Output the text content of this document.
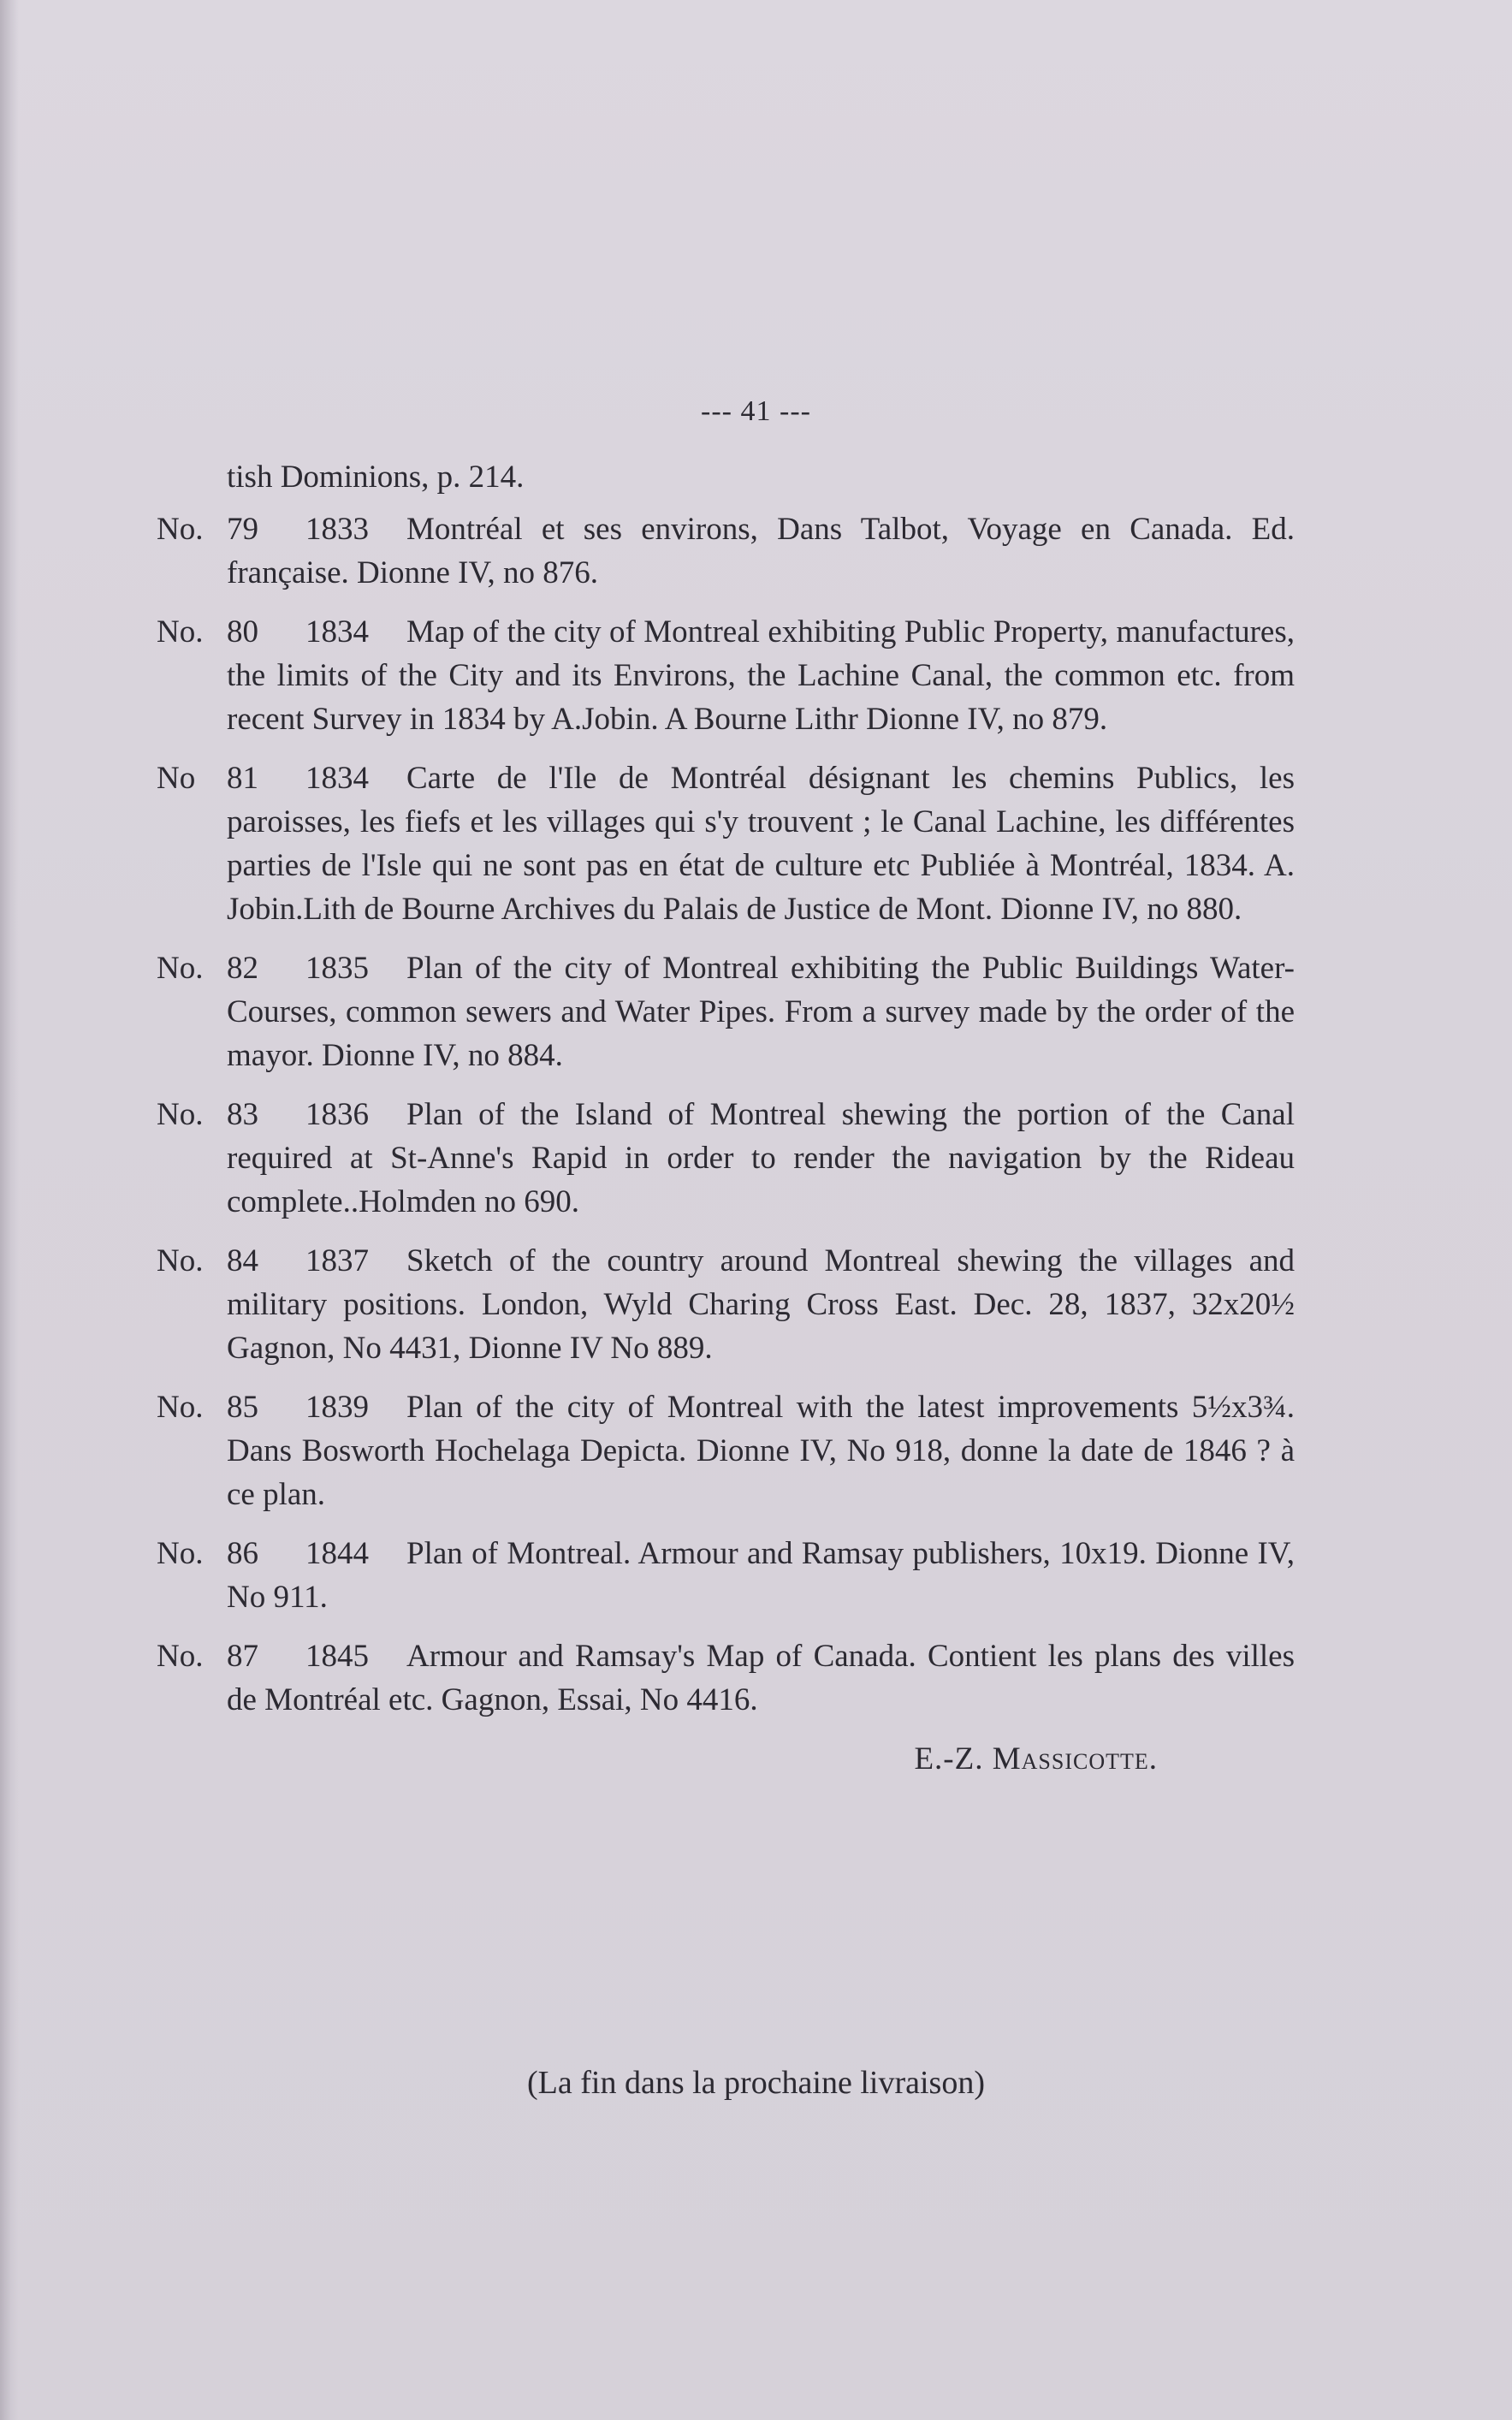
--- 41 ---
tish Dominions, p. 214.
No. 79 1833 Montréal et ses environs, Dans Talbot, Voyage en Canada. Ed. française. Dionne IV, no 876.
No. 80 1834 Map of the city of Montreal exhibiting Public Property, manufactures, the limits of the City and its Environs, the Lachine Canal, the common etc. from recent Survey in 1834 by A.Jobin. A Bourne Lithr Dionne IV, no 879.
No 81 1834 Carte de l'Ile de Montréal désignant les chemins Publics, les paroisses, les fiefs et les villages qui s'y trouvent ; le Canal Lachine, les différentes parties de l'Isle qui ne sont pas en état de culture etc Publiée à Montréal, 1834. A. Jobin.Lith de Bourne Archives du Palais de Justice de Mont. Dionne IV, no 880.
No. 82 1835 Plan of the city of Montreal exhibiting the Public Buildings Water-Courses, common sewers and Water Pipes. From a survey made by the order of the mayor. Dionne IV, no 884.
No. 83 1836 Plan of the Island of Montreal shewing the portion of the Canal required at St-Anne's Rapid in order to render the navigation by the Rideau complete..Holmden no 690.
No. 84 1837 Sketch of the country around Montreal shewing the villages and military positions. London, Wyld Charing Cross East. Dec. 28, 1837, 32x20½ Gagnon, No 4431, Dionne IV No 889.
No. 85 1839 Plan of the city of Montreal with the latest improvements 5½x3¾. Dans Bosworth Hochelaga Depicta. Dionne IV, No 918, donne la date de 1846 ? à ce plan.
No. 86 1844 Plan of Montreal. Armour and Ramsay publishers, 10x19. Dionne IV, No 911.
No. 87 1845 Armour and Ramsay's Map of Canada. Contient les plans des villes de Montréal etc. Gagnon, Essai, No 4416.
E.-Z. Massicotte.
(La fin dans la prochaine livraison)
